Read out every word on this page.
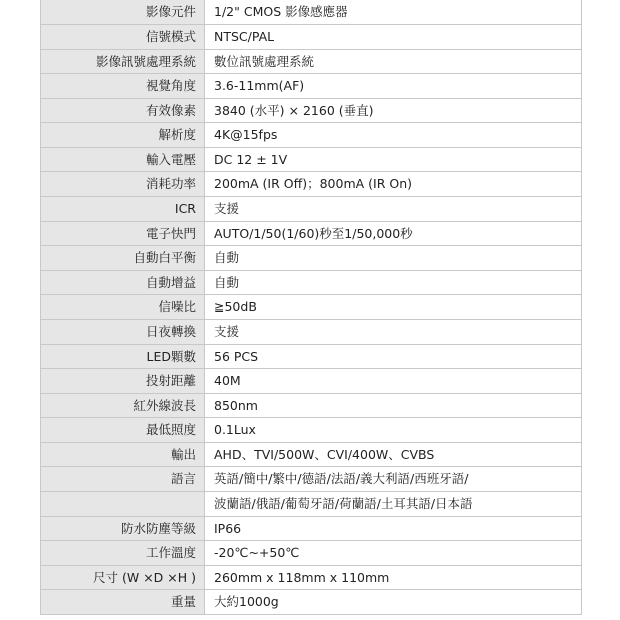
影像元件	1/2" CMOS 影像感應器
信號模式	NTSC/PAL
影像訊號處理系統	數位訊號處理系統
視覺角度	3.6-11mm(AF)
有效像素	3840 (水平) × 2160 (垂直)
解析度	4K@15fps
輸入電壓	DC 12 ± 1V
消耗功率	200mA (IR Off)；800mA (IR On)
ICR	支援
電子快門	AUTO/1/50(1/60)秒至1/50,000秒
自動白平衡	自動
自動增益	自動
信噪比	≧50dB
日夜轉換	支援
LED顆數	56 PCS
投射距離	40M
紅外線波長	850nm
最低照度	0.1Lux
輸出	AHD、TVI/500W、CVI/400W、CVBS
語言	英語/簡中/繁中/德語/法語/義大利語/西班牙語/
波蘭語/俄語/葡萄牙語/荷蘭語/土耳其語/日本語
防水防塵等級	IP66
工作溫度	-20℃~+50℃
尺寸 (W ×D ×H )	260mm x 118mm x 110mm
重量	大約1000g
